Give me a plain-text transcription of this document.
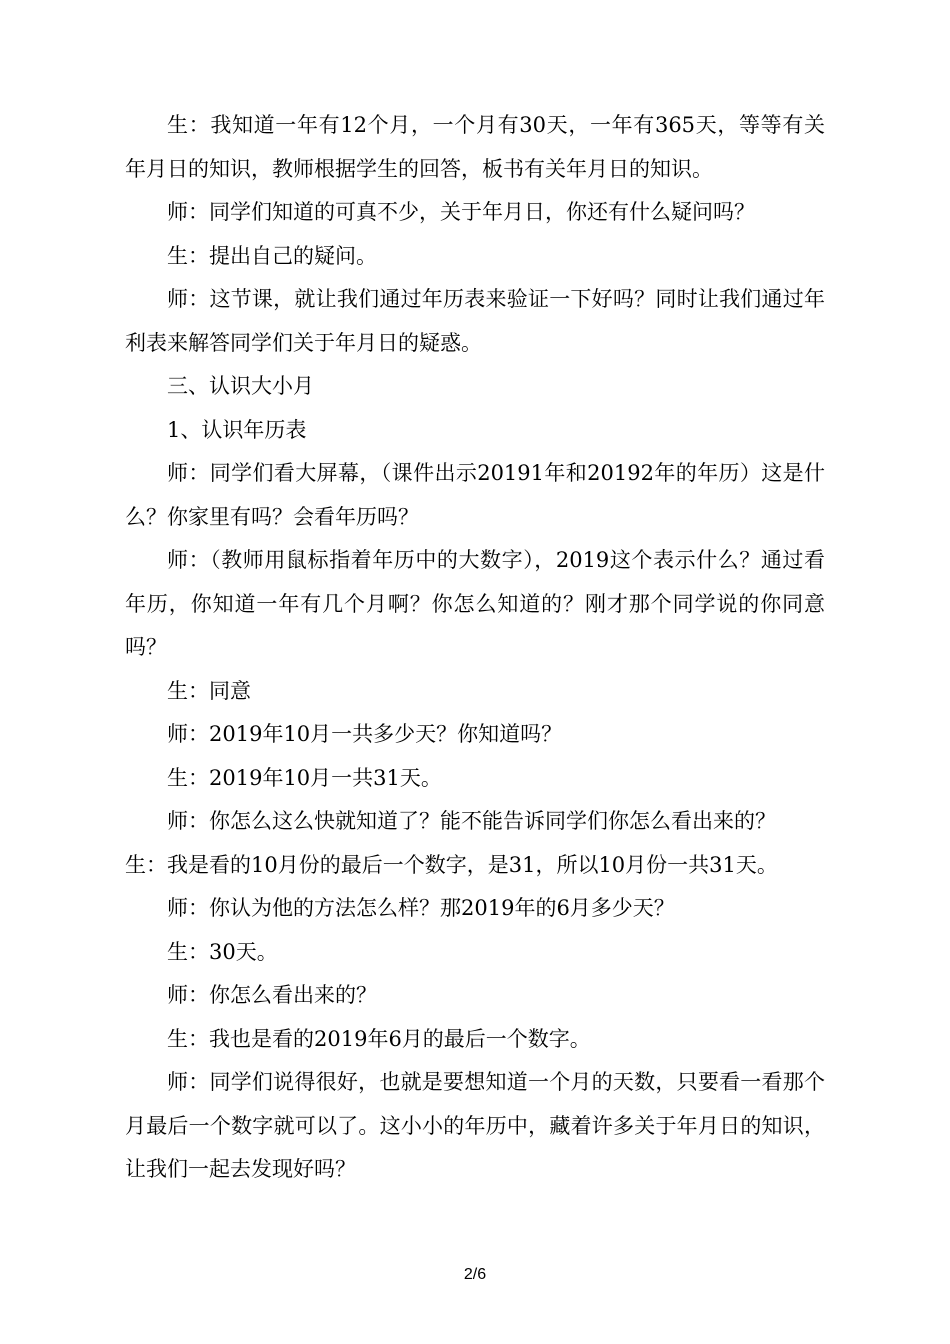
生：我知道一年有12个月，一个月有30天，一年有365天，等等有关年月日的知识，教师根据学生的回答，板书有关年月日的知识。

师：同学们知道的可真不少，关于年月日，你还有什么疑问吗？

生：提出自己的疑问。

师：这节课，就让我们通过年历表来验证一下好吗？同时让我们通过年利表来解答同学们关于年月日的疑惑。

三、认识大小月

1、认识年历表

师：同学们看大屏幕，（课件出示20191年和20192年的年历）这是什么？你家里有吗？会看年历吗？

师：（教师用鼠标指着年历中的大数字），2019这个表示什么？通过看年历，你知道一年有几个月啊？你怎么知道的？刚才那个同学说的你同意吗？

生：同意

师：2019年10月一共多少天？你知道吗？

生：2019年10月一共31天。

师：你怎么这么快就知道了？能不能告诉同学们你怎么看出来的？

生：我是看的10月份的最后一个数字，是31，所以10月份一共31天。

师：你认为他的方法怎么样？那2019年的6月多少天？

生：30天。

师：你怎么看出来的？

生：我也是看的2019年6月的最后一个数字。

师：同学们说得很好，也就是要想知道一个月的天数，只要看一看那个月最后一个数字就可以了。这小小的年历中，藏着许多关于年月日的知识，让我们一起去发现好吗？

2/6
